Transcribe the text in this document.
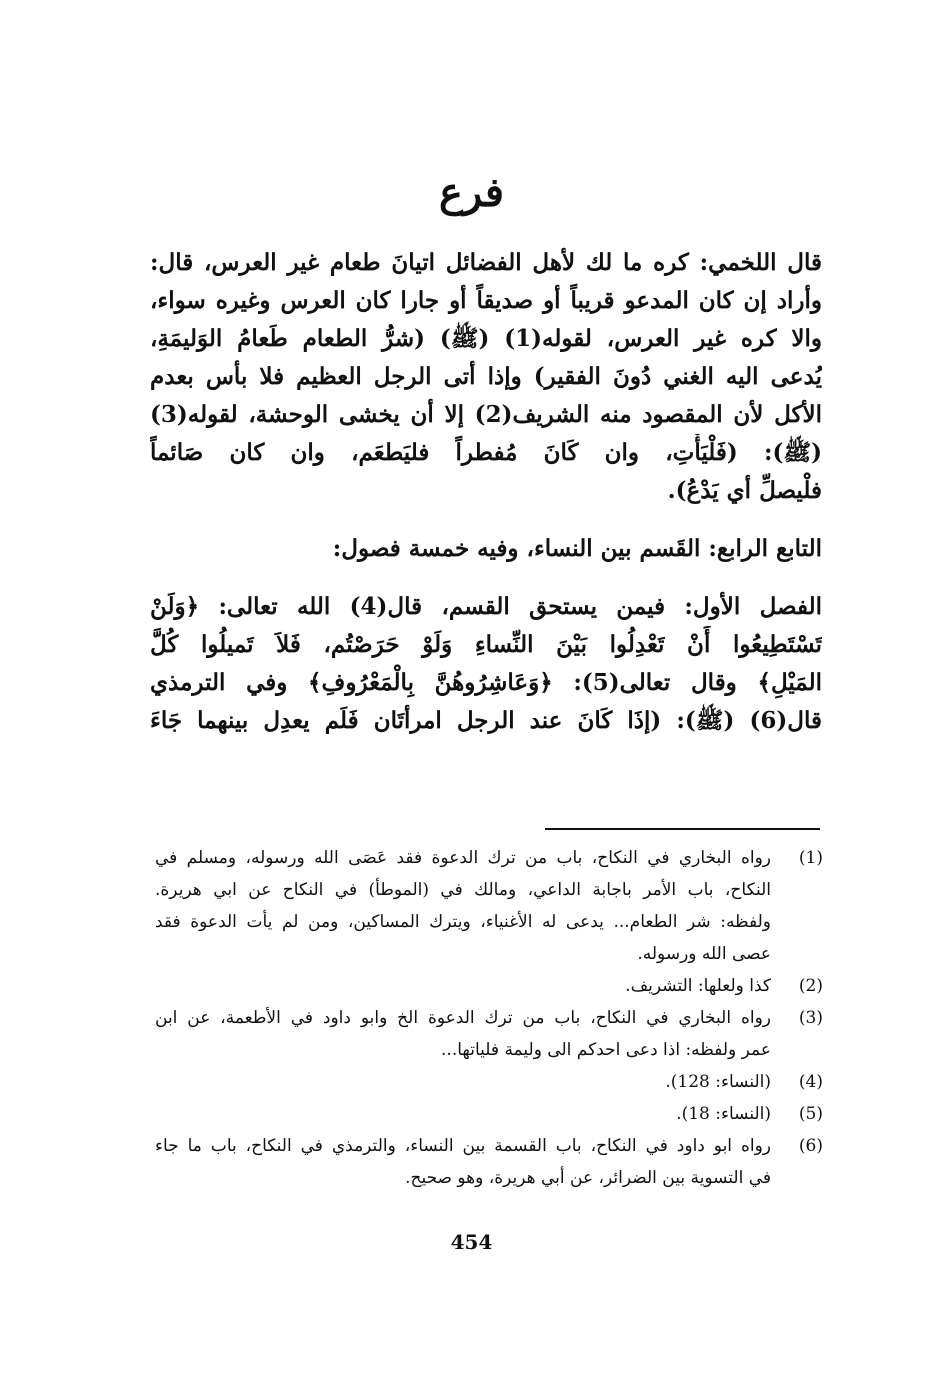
فرع
قال اللخمي: كره ما لك لأهل الفضائل اتيانَ طعام غير العرس، قال:
وأراد إن كان المدعو قريباً أو صديقاً أو جارا كان العرس وغيره سواء،
والا كره غير العرس، لقوله(1) (ﷺ) (شرُّ الطعام طَعامُ الوَليمَةِ،
يُدعى اليه الغني دُونَ الفقير) وإذا أتى الرجل العظيم فلا بأس بعدم
الأكل لأن المقصود منه الشريف(2) إلا أن يخشى الوحشة، لقوله(3)
(ﷺ): (فَلْيَأْتِ، وان كَانَ مُفطراً فليَطعَم، وان كان صَائماً
فلْيصلِّ أي يَدْعُ).
التابع الرابع: القَسم بين النساء، وفيه خمسة فصول:
الفصل الأول: فيمن يستحق القسم، قال(4) الله تعالى: ﴿وَلَنْ
تَسْتَطِيعُوا أَنْ تَعْدِلُوا بَيْنَ النِّساءِ وَلَوْ حَرَصْتُم، فَلاَ تَميلُوا كُلَّ
المَيْلِ﴾ وقال تعالى(5): ﴿وَعَاشِرُوهُنَّ بِالْمَعْرُوفِ﴾ وفي الترمذي
قال(6) (ﷺ): (إذَا كَانَ عند الرجل امرأتَان فَلَم يعدِل بينهما جَاءَ
(1)
رواه البخاري في النكاح، باب من ترك الدعوة فقد عَصَى الله ورسوله، ومسلم في
النكاح، باب الأمر باجابة الداعي، ومالك في (الموطأ) في النكاح عن ابي هريرة.
ولفظه: شر الطعام... يدعى له الأغنياء، ويترك المساكين، ومن لم يأت الدعوة فقد
عصى الله ورسوله.
(2)
كذا ولعلها: التشريف.
(3)
رواه البخاري في النكاح، باب من ترك الدعوة الخ وابو داود في الأطعمة، عن ابن
عمر ولفظه: اذا دعى احدكم الى وليمة فلياتها...
(4)
(النساء: 128).
(5)
(النساء: 18).
(6)
رواه ابو داود في النكاح، باب القسمة بين النساء، والترمذي في النكاح، باب ما جاء
في التسوية بين الضرائر، عن أبي هريرة، وهو صحيح.
454
